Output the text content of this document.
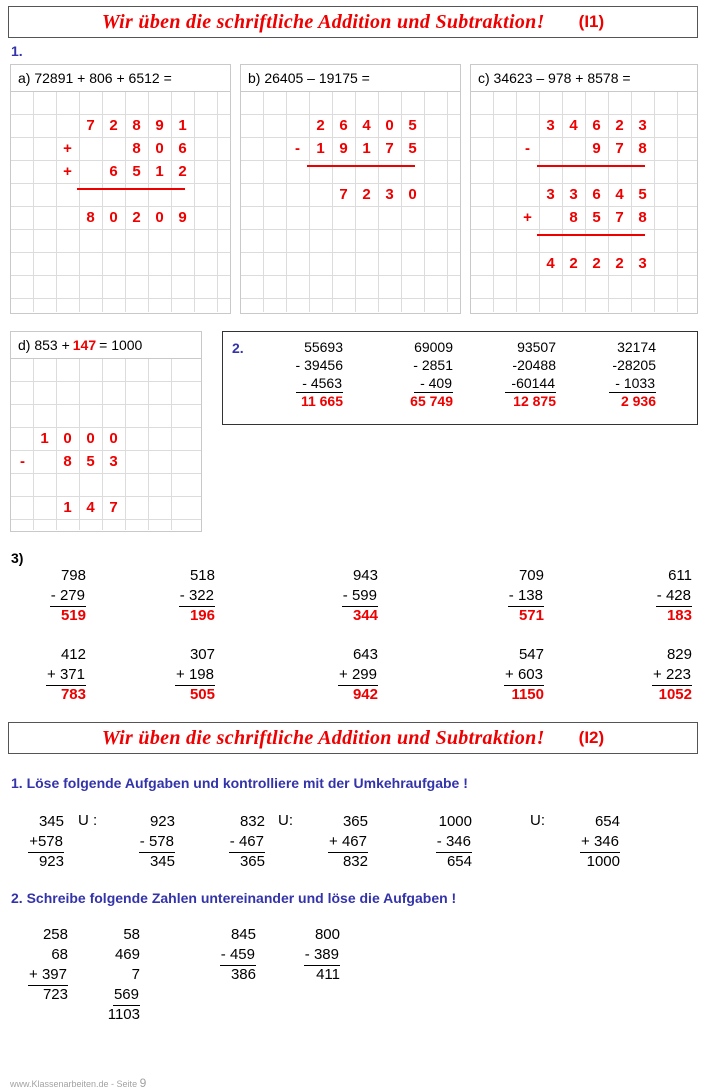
Wir üben die schriftliche Addition und Subtraktion! (I1)
1.
a) 72891 + 806 + 6512 =
7 2 8 9 1
+	8 0 6
+	6 5 1 2
8 0 2 0 9
b) 26405 – 19175 =
2 6 4 0 5
-	1 9 1 7 5
7 2 3 0
c) 34623 – 978 + 8578 =
3 4 6 2 3
-	9 7 8
3 3 6 4 5
+	8 5 7 8
4 2 2 2 3
d) 853 + 147 = 1000
1 0 0 0
-	8 5 3
1 4 7
2.	55693
- 39456
- 4563
11 665
69009
- 2851
- 409
65 749
93507
-20488
-60144
12 875
32174
-28205
- 1033
2 936
3)
798
- 279
519
518
- 322
196
943
- 599
344
709
- 138
571
611
- 428
183
412
+ 371
783
307
+ 198
505
643
+ 299
942
547
+ 603
1150
829
+ 223
1052
Wir üben die schriftliche Addition und Subtraktion! (I2)
1. Löse folgende Aufgaben und kontrolliere mit der Umkehraufgabe !
345
+578
923
U :	923
- 578
345
832
- 467
365
U:	365
+ 467
832
1000
- 346
654
U:	654
+ 346
1000
2. Schreibe folgende Zahlen untereinander und löse die Aufgaben !
258
68
+ 397
723
58
469
7
569
1103
845
- 459
386
800
- 389
411
www.Klassenarbeiten.de - Seite 9
